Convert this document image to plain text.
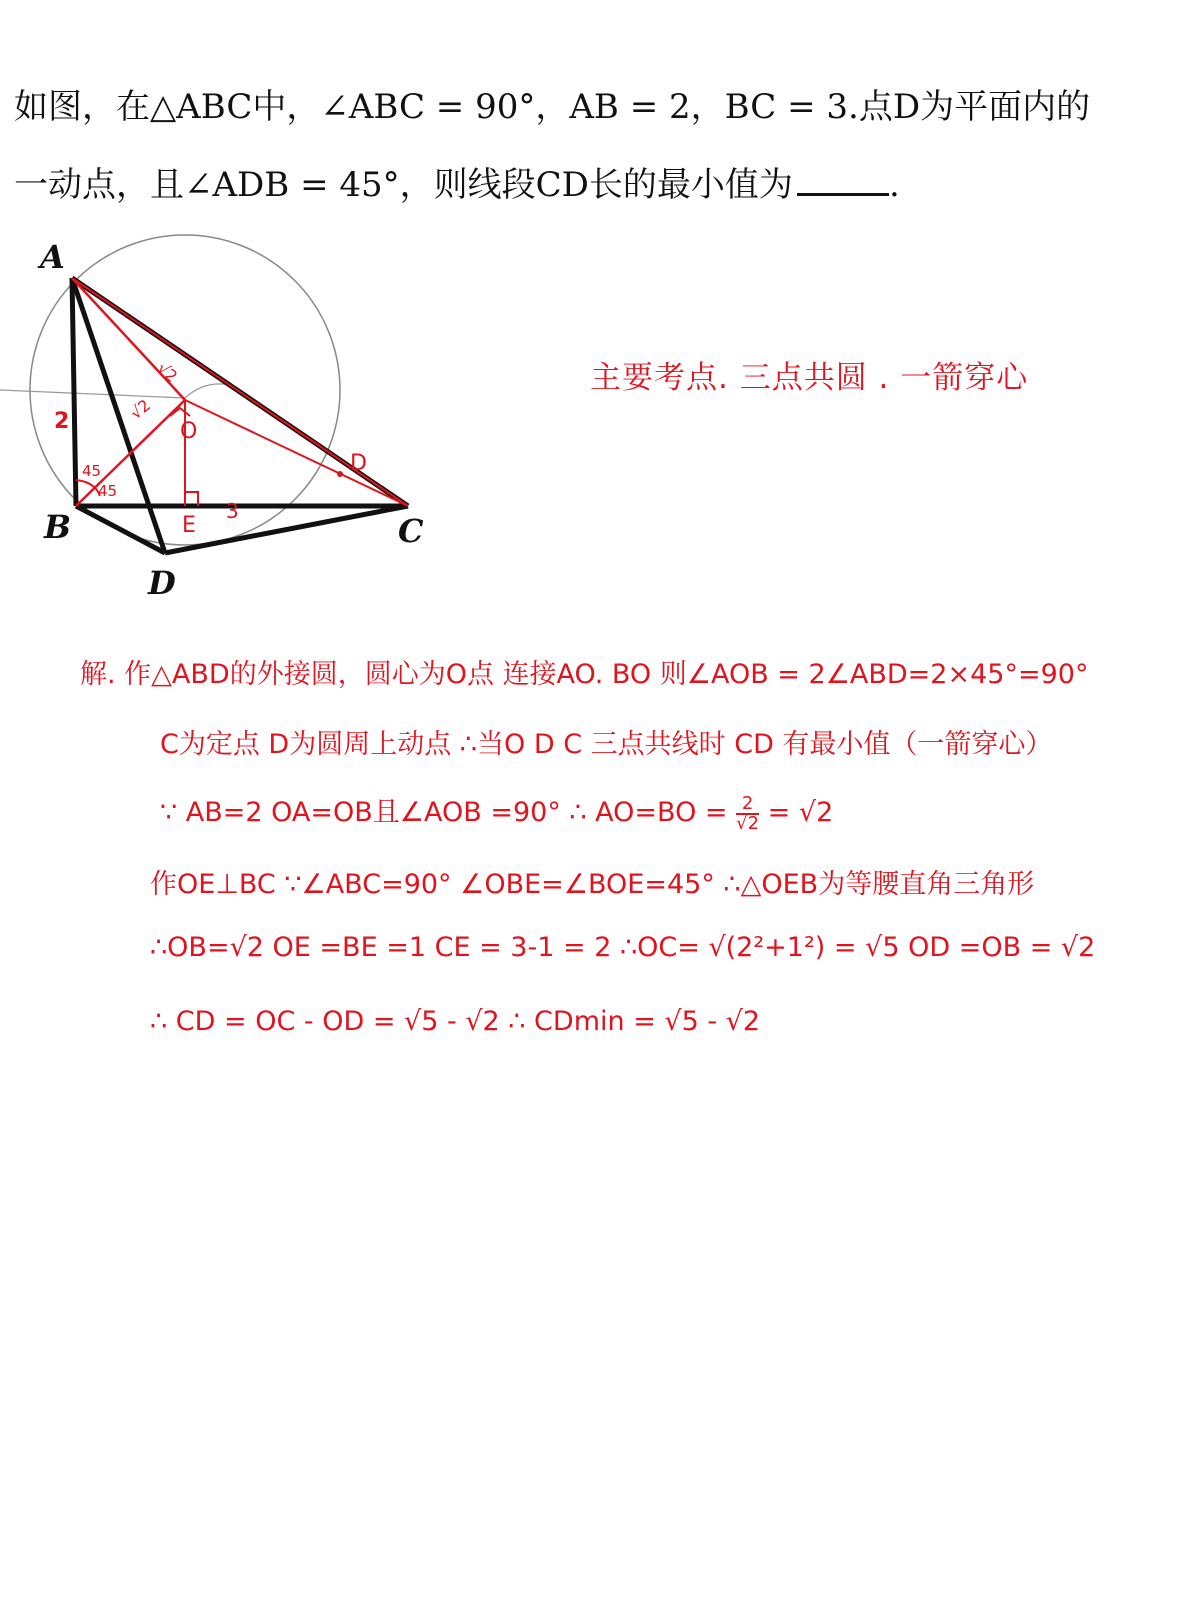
如图，在△ABC中，∠ABC = 90°，AB = 2，BC = 3.点D为平面内的
一动点，且∠ADB = 45°，则线段CD长的最小值为	.
A
B	C
D
2
3
√2
√2
O
E
D
45
45
主要考点. 三点共圆 . 一箭穿心
解. 作△ABD的外接圆，圆心为O点 连接AO. BO 则∠AOB = 2∠ABD=2×45°=90°
C为定点 D为圆周上动点 ∴当O D C 三点共线时 CD 有最小值（一箭穿心）
∵ AB=2 OA=OB且∠AOB =90° ∴ $AO=BO = \frac{2}{√2} = √2$
作OE⊥BC ∵∠ABC=90° ∠OBE=∠BOE=45° ∴△OEB为等腰直角三角形
∴OB=√2 OE =BE =1 CE = 3-1 = 2 ∴OC= √(2²+1²) = √5 OD =OB = √2
∴ CD = OC - OD = √5 - √2 ∴ CDmin = √5 - √2
